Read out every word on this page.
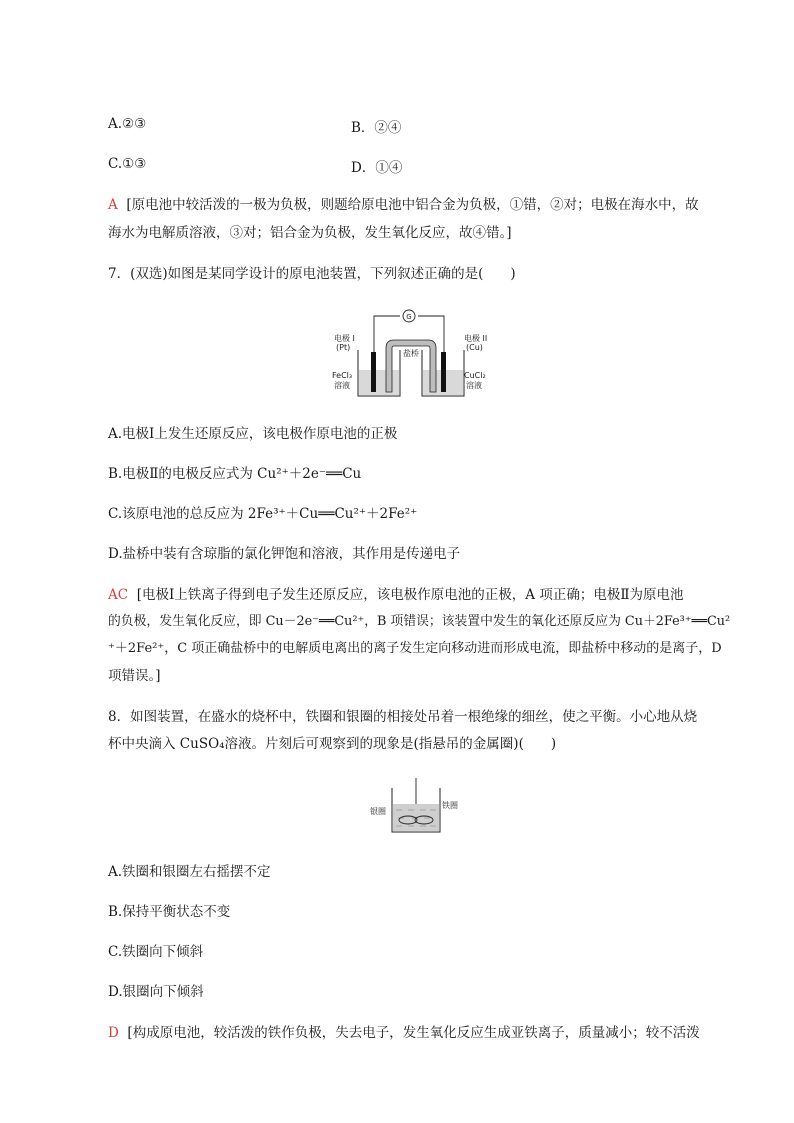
A.②③	B．②④
C.①③	D．①④
A [原电池中较活泼的一极为负极，则题给原电池中铝合金为负极，①错，②对；电极在海水中，故
海水为电解质溶液，③对；铝合金为负极，发生氧化反应，故④错。]
7．(双选)如图是某同学设计的原电池装置，下列叙述正确的是(　　)
G
盐桥
电极 I
(Pt)
FeCl₃
溶液
电极 II
(Cu)
CuCl₂
溶液
A.电极Ⅰ上发生还原反应，该电极作原电池的正极
B.电极Ⅱ的电极反应式为 Cu²⁺＋2e⁻══Cu
C.该原电池的总反应为 2Fe³⁺＋Cu══Cu²⁺＋2Fe²⁺
D.盐桥中装有含琼脂的氯化钾饱和溶液，其作用是传递电子
AC [电极Ⅰ上铁离子得到电子发生还原反应，该电极作原电池的正极，A 项正确；电极Ⅱ为原电池
的负极，发生氧化反应，即 Cu－2e⁻══Cu²⁺，B 项错误；该装置中发生的氧化还原反应为 Cu＋2Fe³⁺══Cu²
⁺＋2Fe²⁺，C 项正确盐桥中的电解质电离出的离子发生定向移动进而形成电流，即盐桥中移动的是离子，D
项错误。]
8．如图装置，在盛水的烧杯中，铁圈和银圈的相接处吊着一根绝缘的细丝，使之平衡。小心地从烧
杯中央滴入 CuSO₄溶液。片刻后可观察到的现象是(指悬吊的金属圈)(　　)
银圈
铁圈
A.铁圈和银圈左右摇摆不定
B.保持平衡状态不变
C.铁圈向下倾斜
D.银圈向下倾斜
D [构成原电池，较活泼的铁作负极，失去电子，发生氧化反应生成亚铁离子，质量减小；较不活泼
